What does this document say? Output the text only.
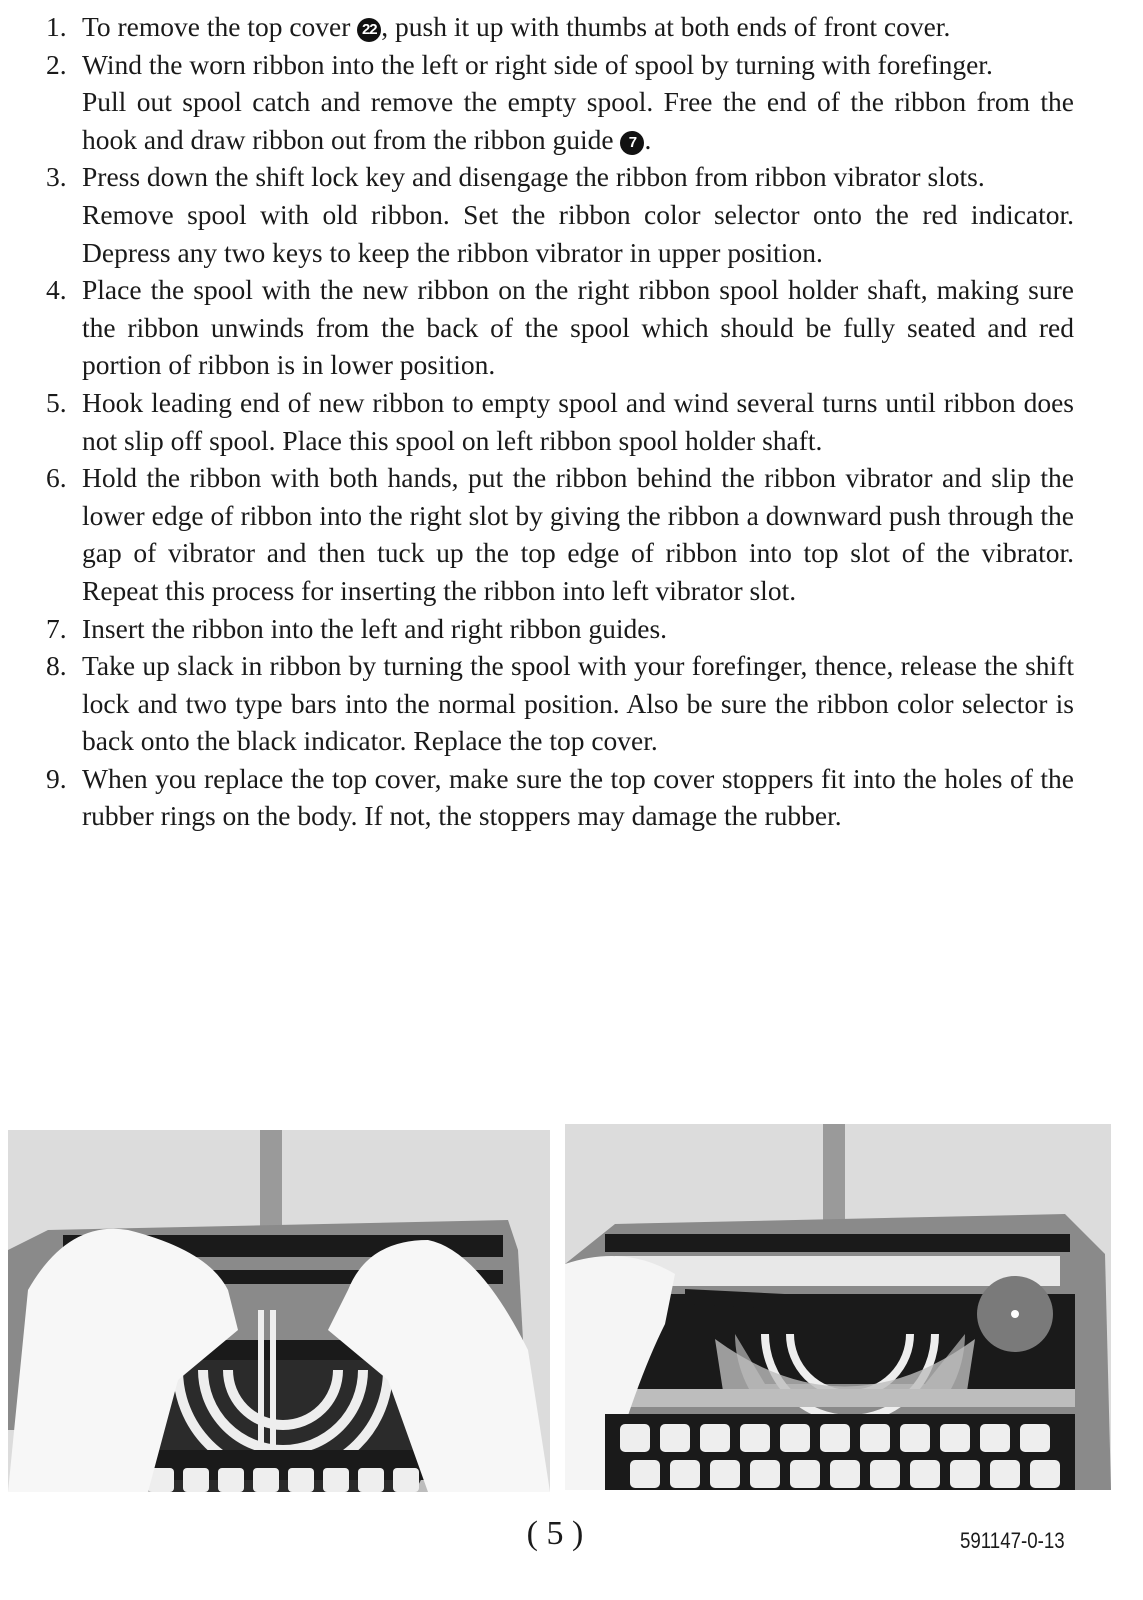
1. To remove the top cover 22 , push it up with thumbs at both ends of front cover.

2. Wind the worn ribbon into the left or right side of spool by turning with forefinger.

Pull out spool catch and remove the empty spool. Free the end of the ribbon from the hook and draw ribbon out from the ribbon guide 7 .

3. Press down the shift lock key and disengage the ribbon from ribbon vibrator slots.

Remove spool with old ribbon. Set the ribbon color selector onto the red indicator. Depress any two keys to keep the ribbon vibrator in upper position.

4. Place the spool with the new ribbon on the right ribbon spool holder shaft, making sure the ribbon unwinds from the back of the spool which should be fully seated and red portion of ribbon is in lower position.

5. Hook leading end of new ribbon to empty spool and wind several turns until ribbon does not slip off spool. Place this spool on left ribbon spool holder shaft.

6. Hold the ribbon with both hands, put the ribbon behind the ribbon vibrator and slip the lower edge of ribbon into the right slot by giving the ribbon a downward push through the gap of vibrator and then tuck up the top edge of ribbon into top slot of the vibrator. Repeat this process for inserting the ribbon into left vibrator slot.

7. Insert the ribbon into the left and right ribbon guides.

8. Take up slack in ribbon by turning the spool with your forefinger, thence, release the shift lock and two type bars into the normal position. Also be sure the ribbon color selector is back onto the black indicator. Replace the top cover.

9. When you replace the top cover, make sure the top cover stoppers fit into the holes of the rubber rings on the body. If not, the stoppers may damage the rubber.

( 5 )	591147-0-13
